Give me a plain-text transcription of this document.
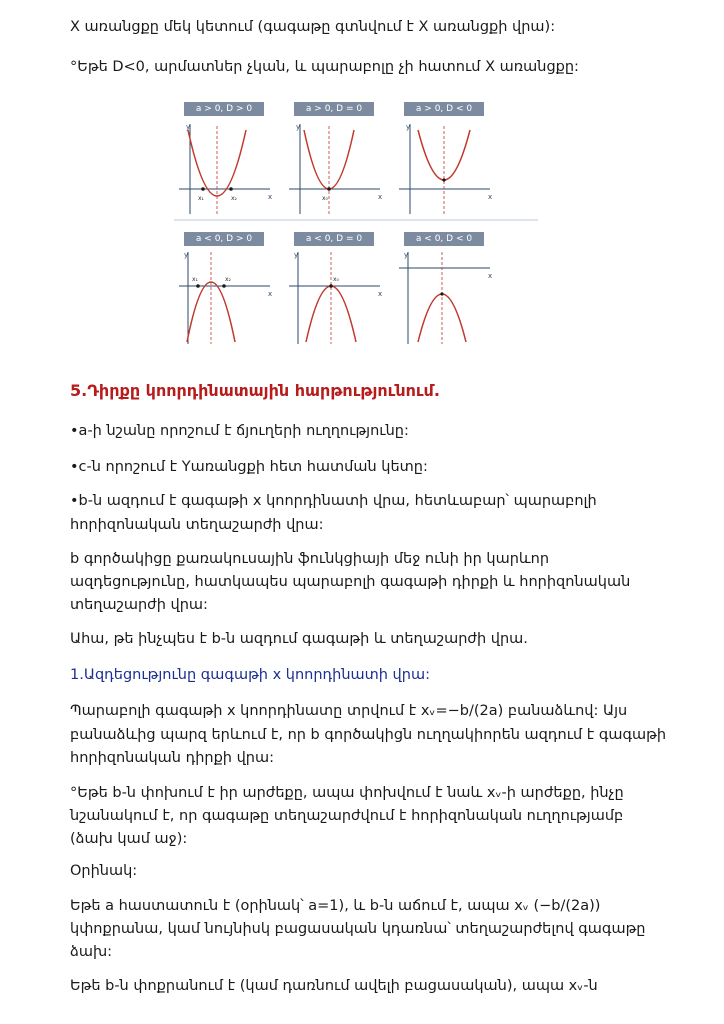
X առանցքը մեկ կետում (գագաթը գտնվում է X առանցքի վրա):

°Եթե D<0, արմատներ չկան, և պարաբոլը չի հատում X առանցքը:

a > 0, D > 0
y
x
x₁	x₂
a > 0, D = 0
y
x
x₀
a > 0, D < 0
y
x
a < 0, D > 0
y
x
x₁	x₂
a < 0, D = 0
y
x
x₀
a < 0, D < 0
y
x

5.Դիրքը կոորդինատային հարթությունում.

•a-ի նշանը որոշում է ճյուղերի ուղղությունը:

•c-ն որոշում է Yառանցքի հետ հատման կետը:

•b-ն ազդում է գագաթի x կոորդինատի վրա, հետևաբար՝ պարաբոլի

հորիզոնական տեղաշարժի վրա:

b գործակիցը քառակուսային ֆունկցիայի մեջ ունի իր կարևոր

ազդեցությունը, հատկապես պարաբոլի գագաթի դիրքի և հորիզոնական

տեղաշարժի վրա:

Ահա, թե ինչպես է b-ն ազդում գագաթի և տեղաշարժի վրա.

1.Ազդեցությունը գագաթի x կոորդինատի վրա:

Պարաբոլի գագաթի x կոորդինատը տրվում է xᵥ=−b/(2a) բանաձևով: Այս

բանաձևից պարզ երևում է, որ b գործակիցն ուղղակիորեն ազդում է գագաթի

հորիզոնական դիրքի վրա:

°Եթե b-ն փոխում է իր արժեքը, ապա փոխվում է նաև xᵥ-ի արժեքը, ինչը

նշանակում է, որ գագաթը տեղաշարժվում է հորիզոնական ուղղությամբ

(ձախ կամ աջ):

Օրինակ:

Եթե a հաստատուն է (օրինակ՝ a=1), և b-ն աճում է, ապա xᵥ (−b/(2a))

կփոքրանա, կամ նույնիսկ բացասական կդառնա՝ տեղաշարժելով գագաթը

ձախ:

Եթե b-ն փոքրանում է (կամ դառնում ավելի բացասական), ապա xᵥ-ն
